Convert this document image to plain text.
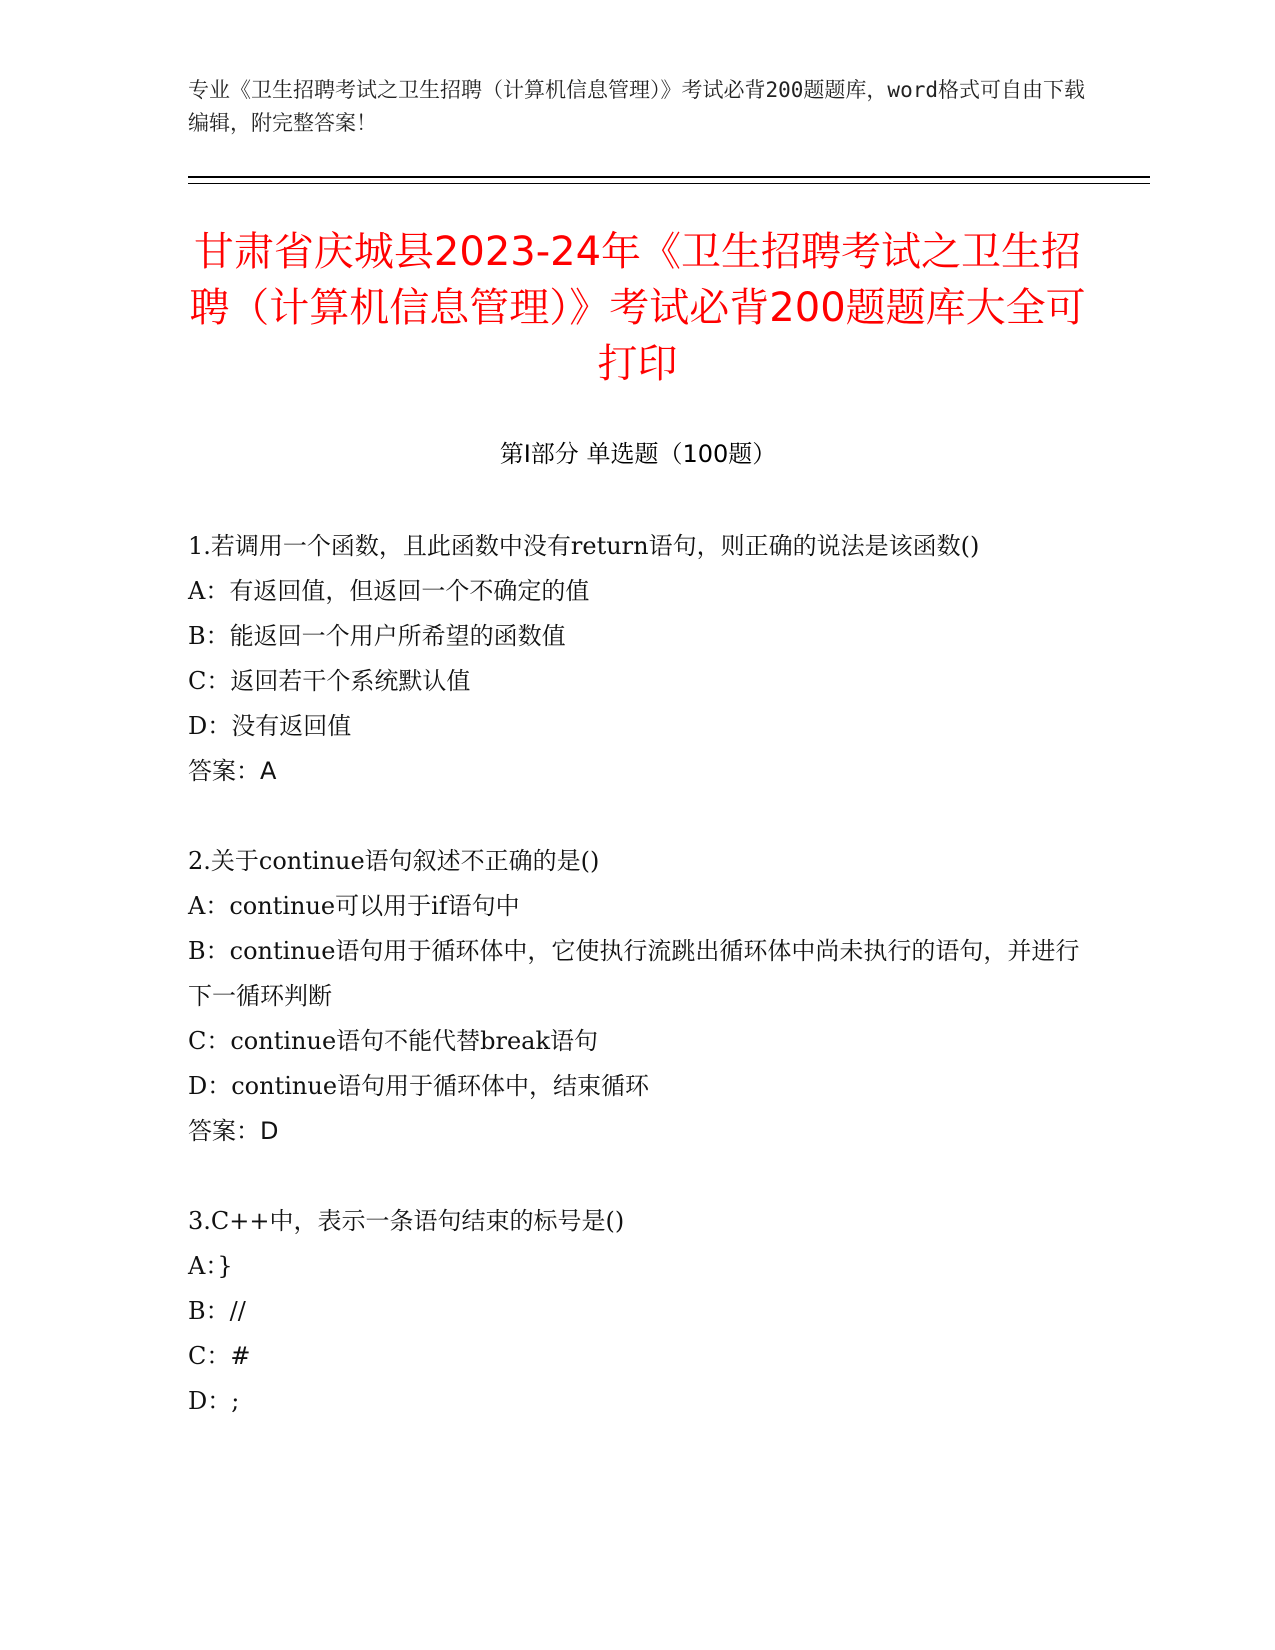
专业《卫生招聘考试之卫生招聘（计算机信息管理）》考试必背200题题库，word格式可自由下载编辑，附完整答案！
甘肃省庆城县2023-24年《卫生招聘考试之卫生招聘（计算机信息管理）》考试必背200题题库大全可打印
第Ⅰ部分 单选题（100题）

1.若调用一个函数，且此函数中没有return语句，则正确的说法是该函数()

A：有返回值，但返回一个不确定的值

B：能返回一个用户所希望的函数值

C：返回若干个系统默认值

D：没有返回值

答案：A

2.关于continue语句叙述不正确的是()

A：continue可以用于if语句中

B：continue语句用于循环体中，它使执行流跳出循环体中尚未执行的语句，并进行下一循环判断

C：continue语句不能代替break语句

D：continue语句用于循环体中，结束循环

答案：D

3.C++中，表示一条语句结束的标号是()

A：}

B：//

C：#

D：;
